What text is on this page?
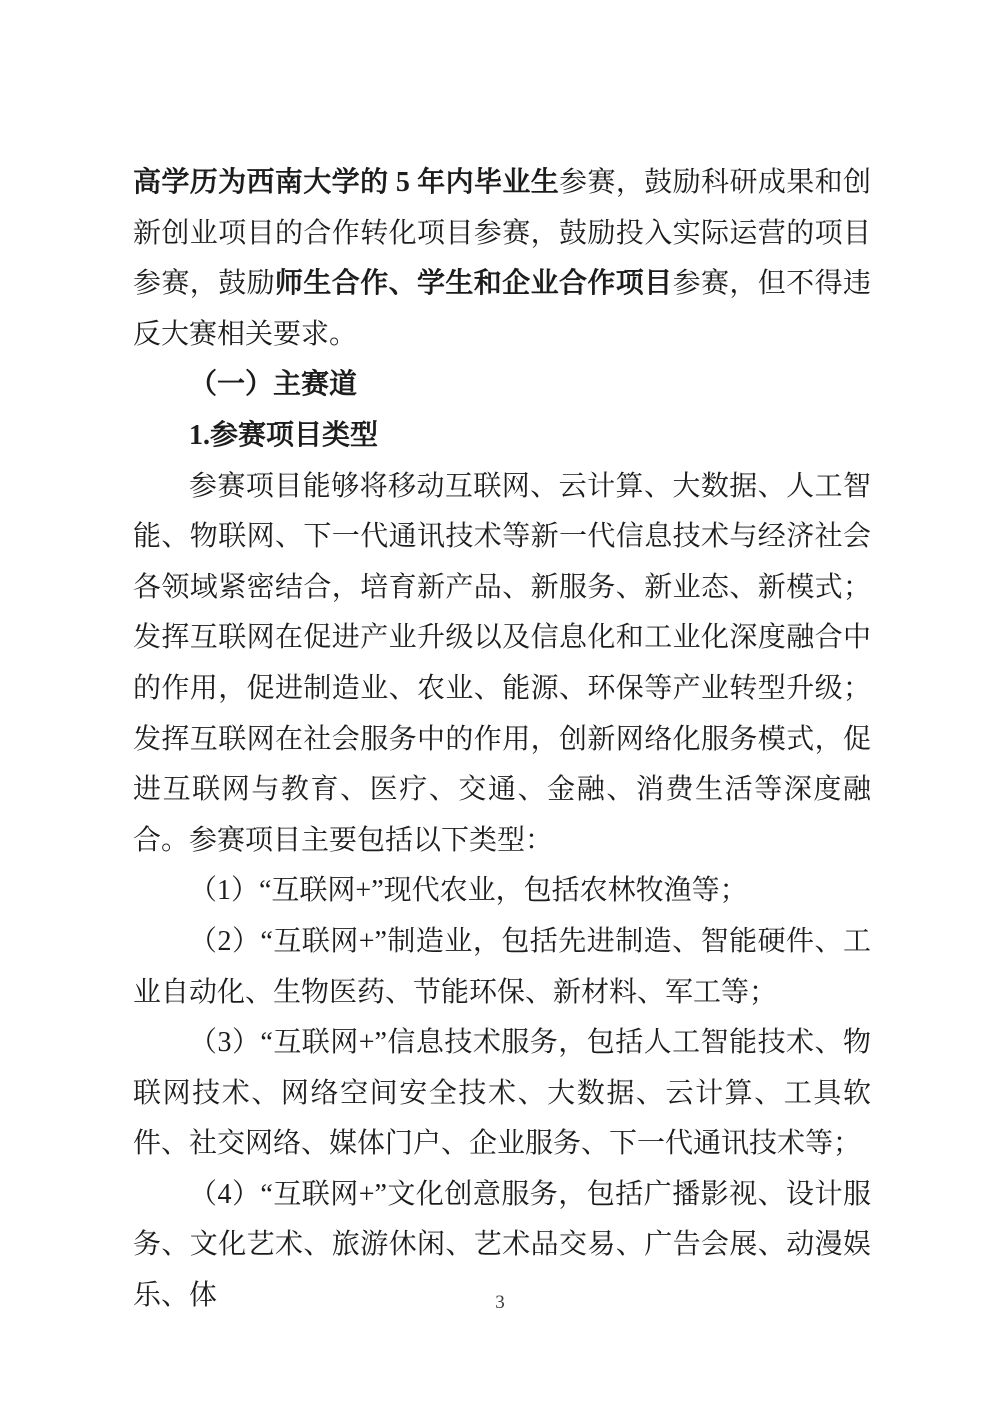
高学历为西南大学的 5 年内毕业生参赛，鼓励科研成果和创新创业项目的合作转化项目参赛，鼓励投入实际运营的项目参赛，鼓励师生合作、学生和企业合作项目参赛，但不得违反大赛相关要求。

（一）主赛道

1.参赛项目类型

参赛项目能够将移动互联网、云计算、大数据、人工智能、物联网、下一代通讯技术等新一代信息技术与经济社会各领域紧密结合，培育新产品、新服务、新业态、新模式；发挥互联网在促进产业升级以及信息化和工业化深度融合中的作用，促进制造业、农业、能源、环保等产业转型升级；发挥互联网在社会服务中的作用，创新网络化服务模式，促进互联网与教育、医疗、交通、金融、消费生活等深度融合。参赛项目主要包括以下类型：

（1）“互联网+”现代农业，包括农林牧渔等；

（2）“互联网+”制造业，包括先进制造、智能硬件、工业自动化、生物医药、节能环保、新材料、军工等；

（3）“互联网+”信息技术服务，包括人工智能技术、物联网技术、网络空间安全技术、大数据、云计算、工具软件、社交网络、媒体门户、企业服务、下一代通讯技术等；

（4）“互联网+”文化创意服务，包括广播影视、设计服务、文化艺术、旅游休闲、艺术品交易、广告会展、动漫娱乐、体	3
